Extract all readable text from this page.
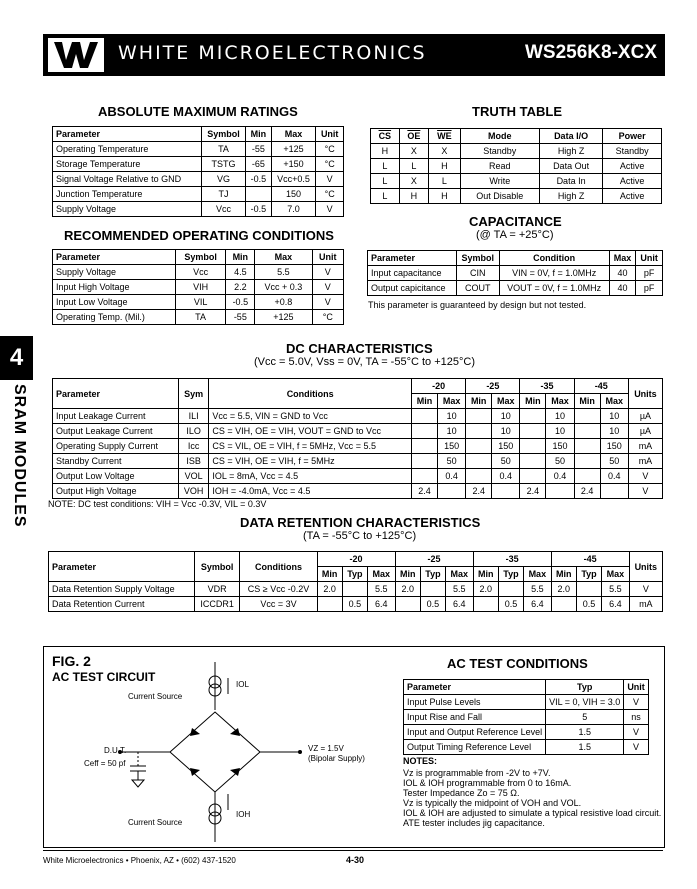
WHITE MICROELECTRONICS	WS256K8-XCX
4
SRAM MODULES
ABSOLUTE MAXIMUM RATINGS
Parameter	Symbol	Min	Max	Unit
Operating Temperature	TA	-55	+125	°C
Storage Temperature	TSTG	-65	+150	°C
Signal Voltage Relative to GND	VG	-0.5	Vcc+0.5	V
Junction Temperature	TJ		150	°C
Supply Voltage	Vcc	-0.5	7.0	V
RECOMMENDED OPERATING CONDITIONS
Parameter	Symbol	Min	Max	Unit
Supply Voltage	Vcc	4.5	5.5	V
Input High Voltage	VIH	2.2	Vcc + 0.3	V
Input Low Voltage	VIL	-0.5	+0.8	V
Operating Temp. (Mil.)	TA	-55	+125	°C
TRUTH TABLE
$\overline{CS}$	$\overline{OE}$	$\overline{WE}$	Mode	Data I/O	Power
H	X	X	Standby	High Z	Standby
L	L	H	Read	Data Out	Active
L	X	L	Write	Data In	Active
L	H	H	Out Disable	High Z	Active
CAPACITANCE
(@ TA = +25°C)
Parameter	Symbol	Condition	Max	Unit
Input capacitance	CIN	VIN = 0V, f = 1.0MHz	40	pF
Output capicitance	COUT	VOUT = 0V, f = 1.0MHz	40	pF
This parameter is guaranteed by design but not tested.
DC CHARACTERISTICS
(Vcc = 5.0V, Vss = 0V, TA = -55°C to +125°C)
Parameter	Sym	Conditions	-20		-25		-35		-45		Units
			Min	Max	Min	Max	Min	Max	Min	Max	
Input Leakage Current	ILI	Vcc = 5.5, VIN = GND to Vcc		10		10		10		10	µA
Output Leakage Current	ILO	CS = VIH, OE = VIH, VOUT = GND to Vcc		10		10		10		10	µA
Operating Supply Current	Icc	CS = VIL, OE = VIH, f = 5MHz, Vcc = 5.5		150		150		150		150	mA
Standby Current	ISB	CS = VIH, OE = VIH, f = 5MHz		50		50		50		50	mA
Output Low Voltage	VOL	IOL = 8mA, Vcc = 4.5		0.4		0.4		0.4		0.4	V
Output High Voltage	VOH	IOH = -4.0mA, Vcc = 4.5	2.4		2.4		2.4		2.4		V
NOTE: DC test conditions: VIH = Vcc -0.3V, VIL = 0.3V
DATA RETENTION CHARACTERISTICS
(TA = -55°C to +125°C)
Parameter	Symbol	Conditions	-20			-25			-35			-45			Units
			Min	Typ	Max	Min	Typ	Max	Min	Typ	Max	Min	Typ	Max	
Data Retention Supply Voltage	VDR	CS ≥ Vcc -0.2V	2.0		5.5	2.0		5.5	2.0		5.5	2.0		5.5	V
Data Retention Current	ICCDR1	Vcc = 3V		0.5	6.4		0.5	6.4		0.5	6.4		0.5	6.4	mA
FIG. 2
AC TEST CIRCUIT
Current Source
IOL
D.U.T.
Ceff = 50 pf
VZ = 1.5V
(Bipolar Supply)
IOH
Current Source
AC TEST CONDITIONS
Parameter	Typ	Unit
Input Pulse Levels	VIL = 0, VIH = 3.0	V
Input Rise and Fall	5	ns
Input and Output Reference Level	1.5	V
Output Timing Reference Level	1.5	V
NOTES:
Vz is programmable from -2V to +7V.
IOL & IOH programmable from 0 to 16mA.
Tester Impedance Zo = 75 Ω.
Vz is typically the midpoint of VOH and VOL.
IOL & IOH are adjusted to simulate a typical resistive load circuit.
ATE tester includes jig capacitance.
White Microelectronics • Phoenix, AZ • (602) 437-1520	4-30
